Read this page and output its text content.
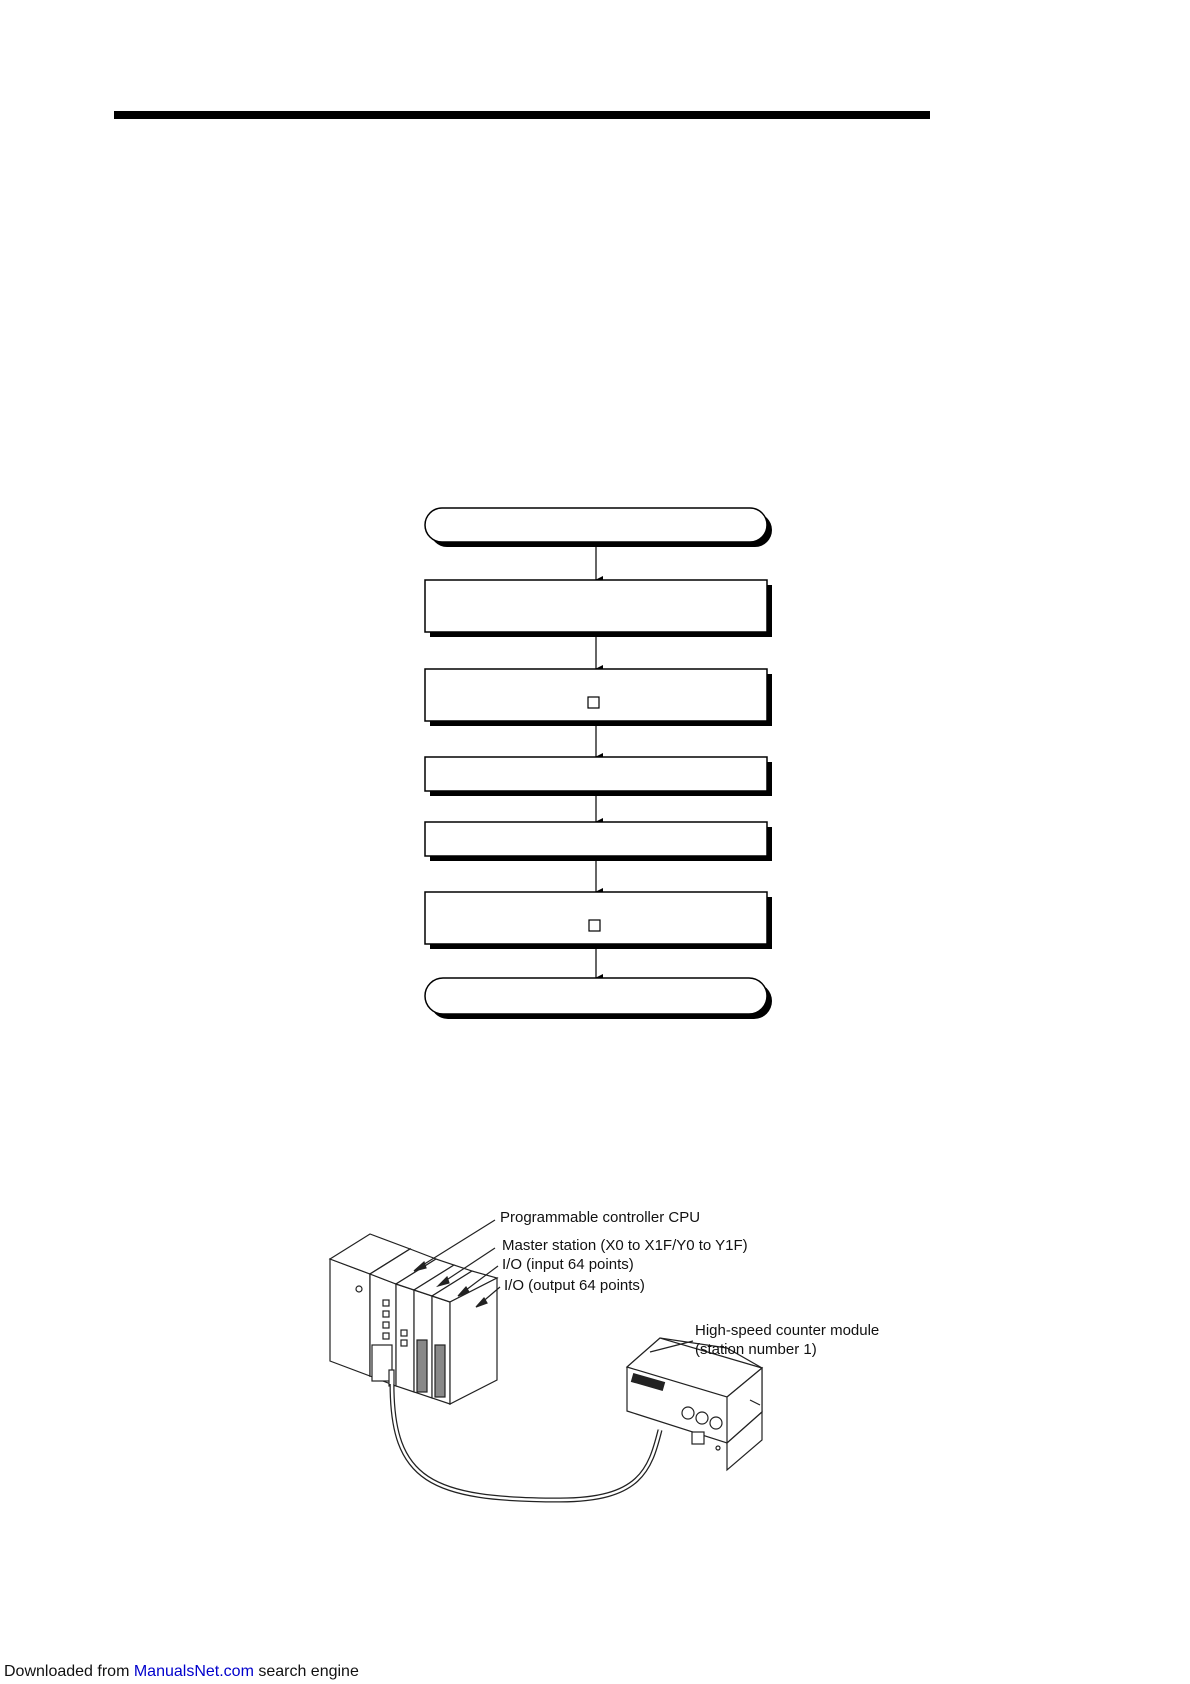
Programmable controller CPU
Master station (X0 to X1F/Y0 to Y1F)
I/O (input 64 points)
I/O (output 64 points)
High-speed counter module
(station number 1)
Downloaded from ManualsNet.com search engine
